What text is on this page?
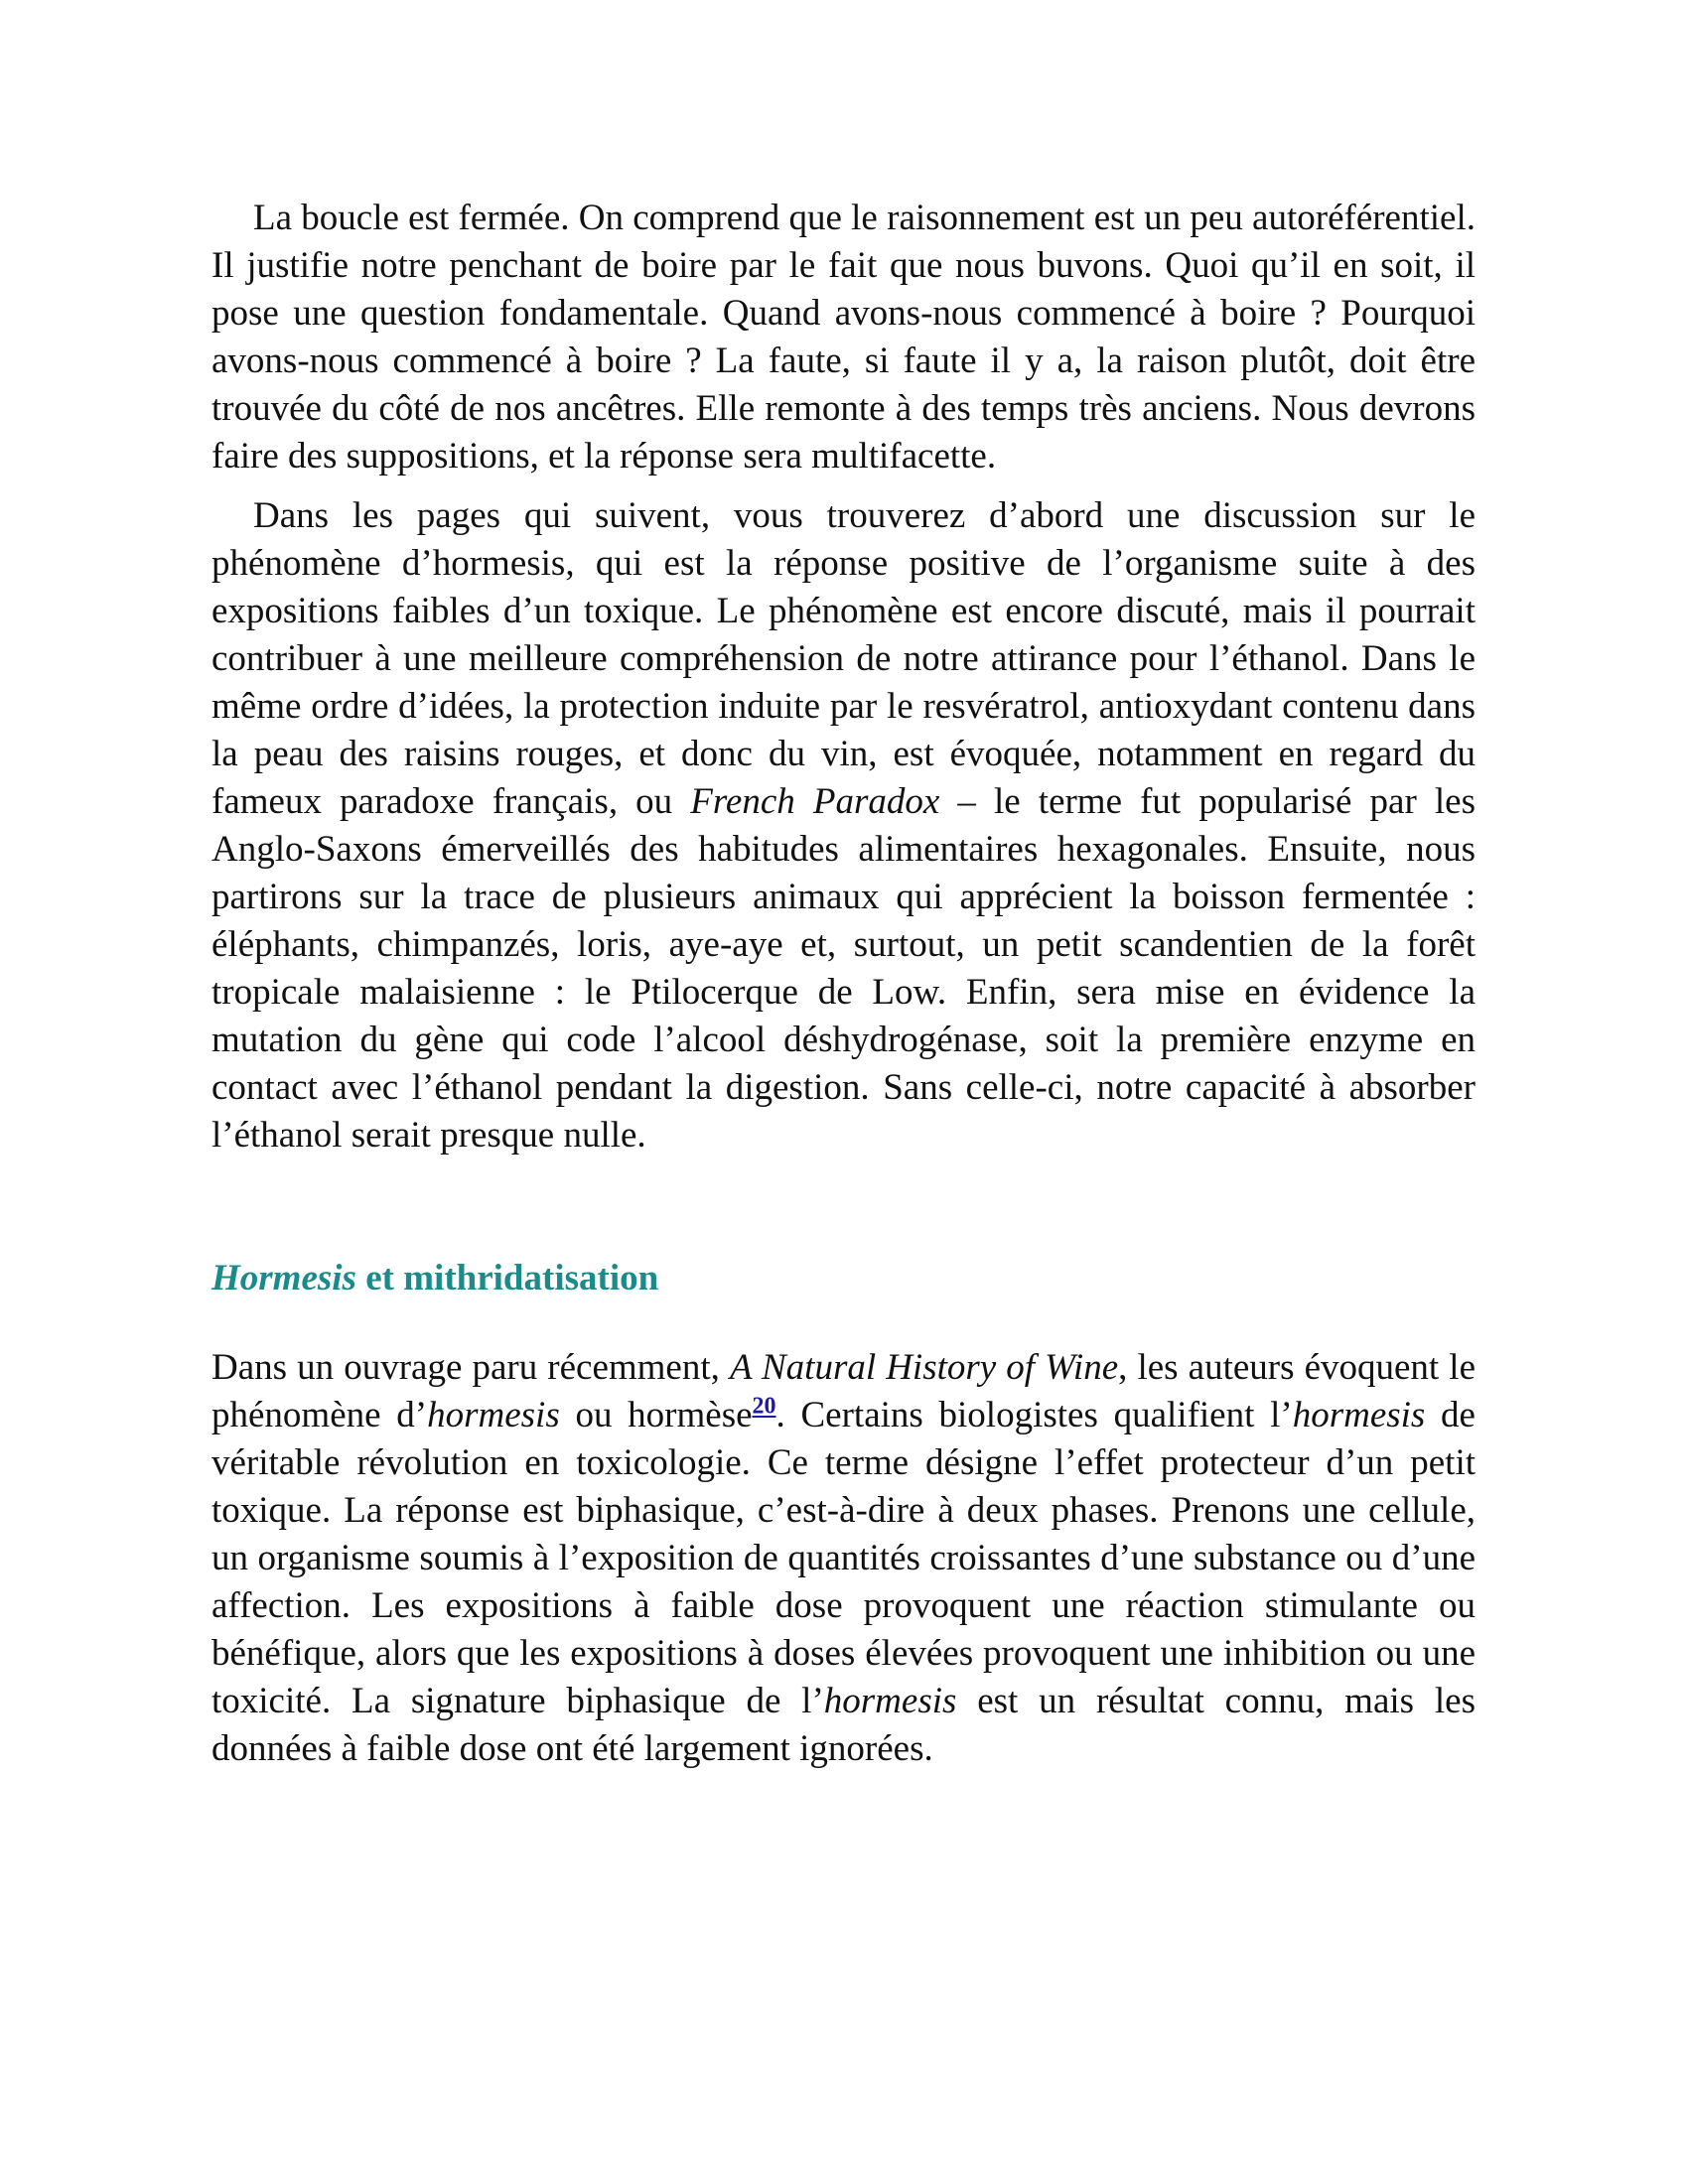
La boucle est fermée. On comprend que le raisonnement est un peu autoréférentiel. Il justifie notre penchant de boire par le fait que nous buvons. Quoi qu’il en soit, il pose une question fondamentale. Quand avons-nous commencé à boire ? Pourquoi avons-nous commencé à boire ? La faute, si faute il y a, la raison plutôt, doit être trouvée du côté de nos ancêtres. Elle remonte à des temps très anciens. Nous devrons faire des suppositions, et la réponse sera multifacette.

Dans les pages qui suivent, vous trouverez d’abord une discussion sur le phénomène d’hormesis, qui est la réponse positive de l’organisme suite à des expositions faibles d’un toxique. Le phénomène est encore discuté, mais il pourrait contribuer à une meilleure compréhension de notre attirance pour l’éthanol. Dans le même ordre d’idées, la protection induite par le resvératrol, antioxydant contenu dans la peau des raisins rouges, et donc du vin, est évoquée, notamment en regard du fameux paradoxe français, ou French Paradox – le terme fut popularisé par les Anglo-Saxons émerveillés des habitudes alimentaires hexagonales. Ensuite, nous partirons sur la trace de plusieurs animaux qui apprécient la boisson fermentée : éléphants, chimpanzés, loris, aye-aye et, surtout, un petit scandentien de la forêt tropicale malaisienne : le Ptilocerque de Low. Enfin, sera mise en évidence la mutation du gène qui code l’alcool déshydrogénase, soit la première enzyme en contact avec l’éthanol pendant la digestion. Sans celle-ci, notre capacité à absorber l’éthanol serait presque nulle.

Hormesis et mithridatisation

Dans un ouvrage paru récemment, A Natural History of Wine, les auteurs évoquent le phénomène d’hormesis ou hormèse$^{20}$. Certains biologistes qualifient l’hormesis de véritable révolution en toxicologie. Ce terme désigne l’effet protecteur d’un petit toxique. La réponse est biphasique, c’est-à-dire à deux phases. Prenons une cellule, un organisme soumis à l’exposition de quantités croissantes d’une substance ou d’une affection. Les expositions à faible dose provoquent une réaction stimulante ou bénéfique, alors que les expositions à doses élevées provoquent une inhibition ou une toxicité. La signature biphasique de l’hormesis est un résultat connu, mais les données à faible dose ont été largement ignorées.
